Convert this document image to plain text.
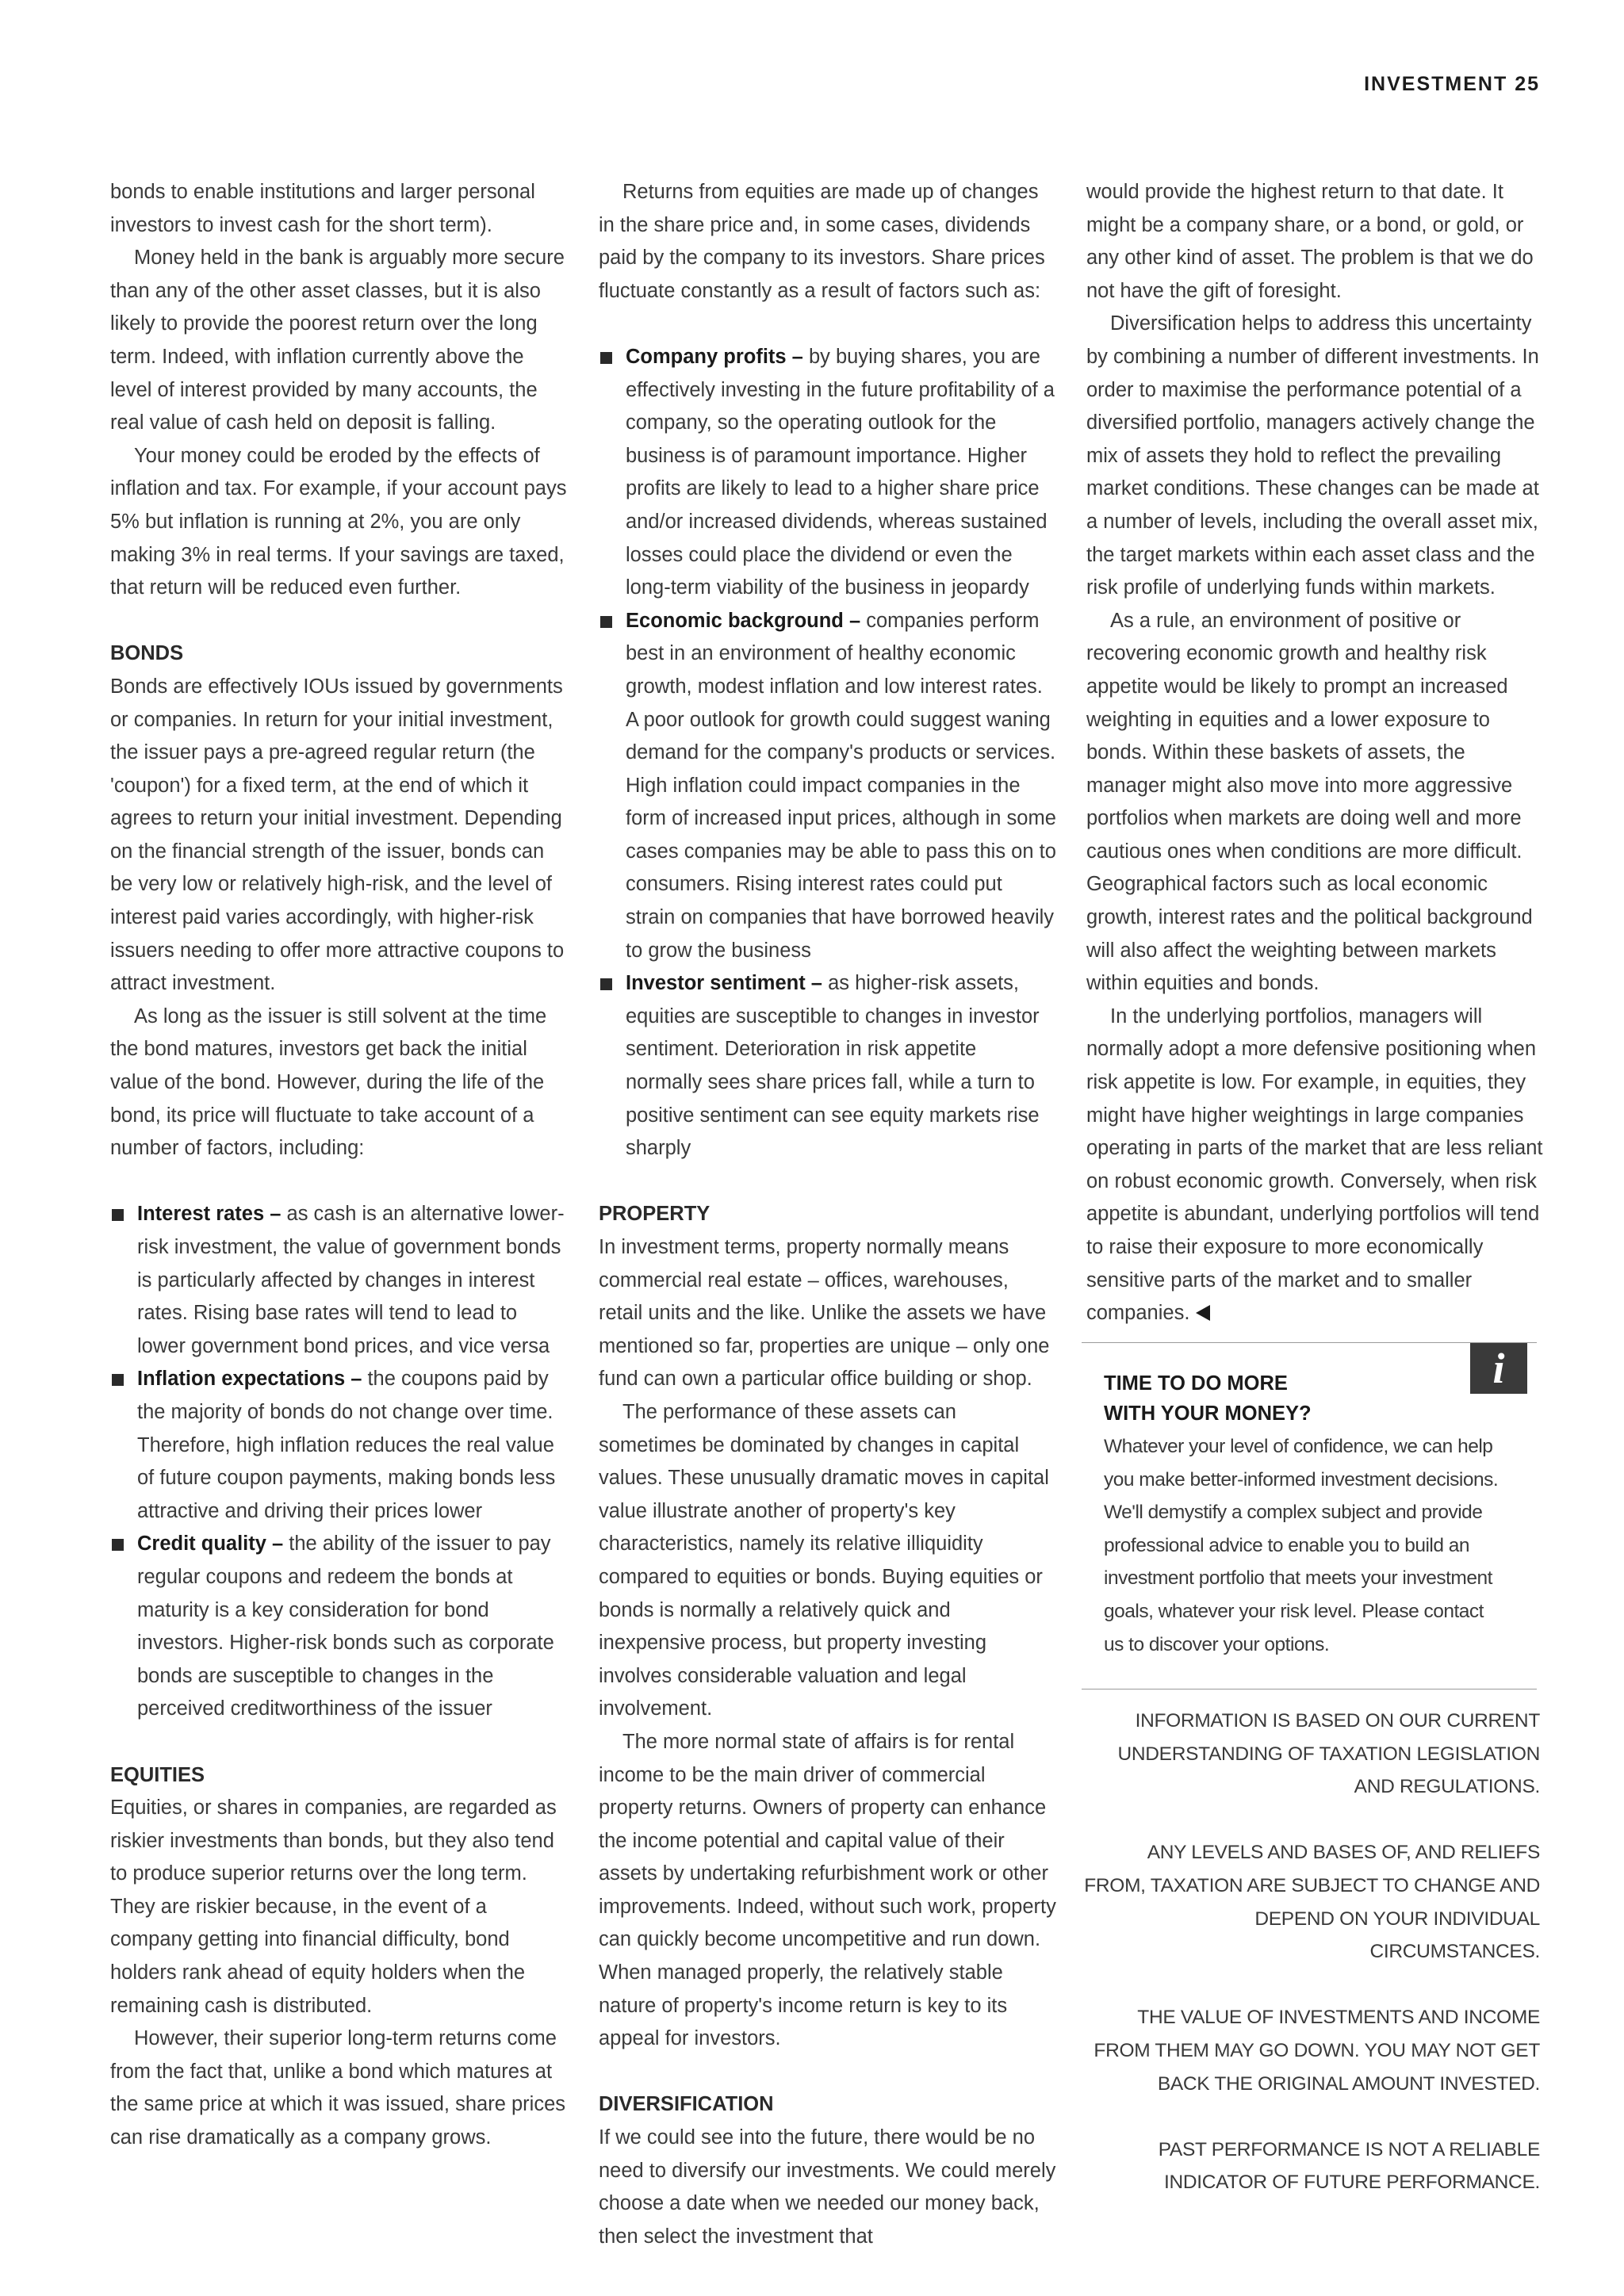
INVESTMENT 25

bonds to enable institutions and larger personal investors to invest cash for the short term).

Money held in the bank is arguably more secure than any of the other asset classes, but it is also likely to provide the poorest return over the long term. Indeed, with inflation currently above the level of interest provided by many accounts, the real value of cash held on deposit is falling.

Your money could be eroded by the effects of inflation and tax. For example, if your account pays 5% but inflation is running at 2%, you are only making 3% in real terms. If your savings are taxed, that return will be reduced even further.

BONDS

Bonds are effectively IOUs issued by governments or companies. In return for your initial investment, the issuer pays a pre-agreed regular return (the 'coupon') for a fixed term, at the end of which it agrees to return your initial investment. Depending on the financial strength of the issuer, bonds can be very low or relatively high-risk, and the level of interest paid varies accordingly, with higher-risk issuers needing to offer more attractive coupons to attract investment.

As long as the issuer is still solvent at the time the bond matures, investors get back the initial value of the bond. However, during the life of the bond, its price will fluctuate to take account of a number of factors, including:

Interest rates – as cash is an alternative lower-risk investment, the value of government bonds is particularly affected by changes in interest rates. Rising base rates will tend to lead to lower government bond prices, and vice versa
Inflation expectations – the coupons paid by the majority of bonds do not change over time. Therefore, high inflation reduces the real value of future coupon payments, making bonds less attractive and driving their prices lower
Credit quality – the ability of the issuer to pay regular coupons and redeem the bonds at maturity is a key consideration for bond investors. Higher-risk bonds such as corporate bonds are susceptible to changes in the perceived creditworthiness of the issuer
EQUITIES

Equities, or shares in companies, are regarded as riskier investments than bonds, but they also tend to produce superior returns over the long term. They are riskier because, in the event of a company getting into financial difficulty, bond holders rank ahead of equity holders when the remaining cash is distributed.

However, their superior long-term returns come from the fact that, unlike a bond which matures at the same price at which it was issued, share prices can rise dramatically as a company grows.

Returns from equities are made up of changes in the share price and, in some cases, dividends paid by the company to its investors. Share prices fluctuate constantly as a result of factors such as:

Company profits – by buying shares, you are effectively investing in the future profitability of a company, so the operating outlook for the business is of paramount importance. Higher profits are likely to lead to a higher share price and/or increased dividends, whereas sustained losses could place the dividend or even the long-term viability of the business in jeopardy
Economic background – companies perform best in an environment of healthy economic growth, modest inflation and low interest rates. A poor outlook for growth could suggest waning demand for the company's products or services. High inflation could impact companies in the form of increased input prices, although in some cases companies may be able to pass this on to consumers. Rising interest rates could put strain on companies that have borrowed heavily to grow the business
Investor sentiment – as higher-risk assets, equities are susceptible to changes in investor sentiment. Deterioration in risk appetite normally sees share prices fall, while a turn to positive sentiment can see equity markets rise sharply
PROPERTY

In investment terms, property normally means commercial real estate – offices, warehouses, retail units and the like. Unlike the assets we have mentioned so far, properties are unique – only one fund can own a particular office building or shop.

The performance of these assets can sometimes be dominated by changes in capital values. These unusually dramatic moves in capital value illustrate another of property's key characteristics, namely its relative illiquidity compared to equities or bonds. Buying equities or bonds is normally a relatively quick and inexpensive process, but property investing involves considerable valuation and legal involvement.

The more normal state of affairs is for rental income to be the main driver of commercial property returns. Owners of property can enhance the income potential and capital value of their assets by undertaking refurbishment work or other improvements. Indeed, without such work, property can quickly become uncompetitive and run down. When managed properly, the relatively stable nature of property's income return is key to its appeal for investors.

DIVERSIFICATION

If we could see into the future, there would be no need to diversify our investments. We could merely choose a date when we needed our money back, then select the investment that

would provide the highest return to that date. It might be a company share, or a bond, or gold, or any other kind of asset. The problem is that we do not have the gift of foresight.

Diversification helps to address this uncertainty by combining a number of different investments. In order to maximise the performance potential of a diversified portfolio, managers actively change the mix of assets they hold to reflect the prevailing market conditions. These changes can be made at a number of levels, including the overall asset mix, the target markets within each asset class and the risk profile of underlying funds within markets.

As a rule, an environment of positive or recovering economic growth and healthy risk appetite would be likely to prompt an increased weighting in equities and a lower exposure to bonds. Within these baskets of assets, the manager might also move into more aggressive portfolios when markets are doing well and more cautious ones when conditions are more difficult. Geographical factors such as local economic growth, interest rates and the political background will also affect the weighting between markets within equities and bonds.

In the underlying portfolios, managers will normally adopt a more defensive positioning when risk appetite is low. For example, in equities, they might have higher weightings in large companies operating in parts of the market that are less reliant on robust economic growth. Conversely, when risk appetite is abundant, underlying portfolios will tend to raise their exposure to more economically sensitive parts of the market and to smaller companies.

i
TIME TO DO MORE
WITH YOUR MONEY?
Whatever your level of confidence, we can help you make better-informed investment decisions. We'll demystify a complex subject and provide professional advice to enable you to build an investment portfolio that meets your investment goals, whatever your risk level. Please contact us to discover your options.

INFORMATION IS BASED ON OUR CURRENT UNDERSTANDING OF TAXATION LEGISLATION AND REGULATIONS.

ANY LEVELS AND BASES OF, AND RELIEFS FROM, TAXATION ARE SUBJECT TO CHANGE AND DEPEND ON YOUR INDIVIDUAL CIRCUMSTANCES.

THE VALUE OF INVESTMENTS AND INCOME FROM THEM MAY GO DOWN. YOU MAY NOT GET BACK THE ORIGINAL AMOUNT INVESTED.

PAST PERFORMANCE IS NOT A RELIABLE INDICATOR OF FUTURE PERFORMANCE.
